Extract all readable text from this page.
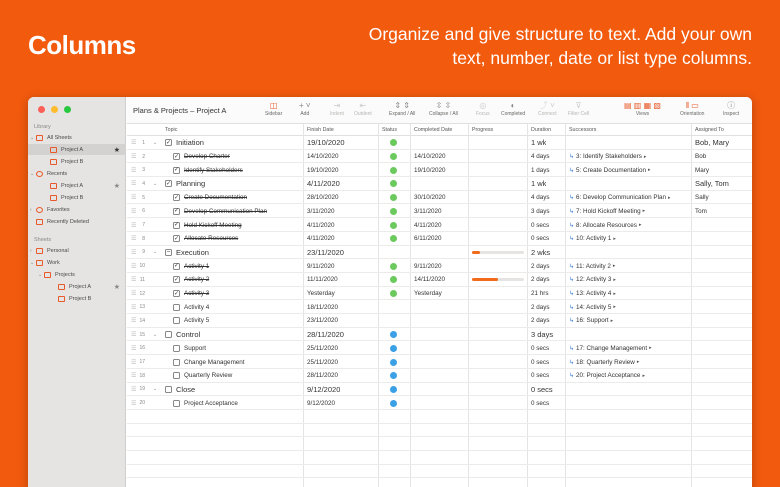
Columns	Organize and give structure to text. Add your own text, number, date or list type columns.
Library
⌄	All Sheets
Project A	★
Project B
⌄	Recents
Project A	★
Project B
›	Favorites
Recently Deleted
Sheets
›	Personal
⌄	Work
⌄	Projects
Project A	★
Project B
Plans & Projects – Project A
◫
Sidebar
+ ˅
Add
⇥
Indent
⇤
Outdent
⇕ ⇕
Expand / All
⇳ ⇳
Collapse / All
◎
Focus
◐
Completed
⤴ ˅
Connect
⊽
Filter Cell
▤ ▥ ▦ ▧
Views
⫴ ▭
Orientation
ⓘ
Inspect
Topic	Finish Date	Status	Completed Date	Progress	Duration	Successors	Assigned To
☰	1 ⌄ ✓ Initiation	19/10/2020	1 wk	Bob, Mary
☰	2	✓ Develop Charter	14/10/2020	14/10/2020	4 days	↳ 3: Identify Stakeholders ▸	Bob
☰	3	✓ Identify Stakeholders	19/10/2020	19/10/2020	1 days	↳ 5: Create Documentation ▸	Mary
☰	4 ⌄ ✓ Planning	4/11/2020	1 wk	Sally, Tom
☰	5	✓ Create Documentation	28/10/2020	30/10/2020	4 days	↳ 6: Develop Communication Plan ▸	Sally
☰	6	✓ Develop Communication Plan	3/11/2020	3/11/2020	3 days	↳ 7: Hold Kickoff Meeting ▸	Tom
☰	7	✓ Hold Kickoff Meeting	4/11/2020	4/11/2020	0 secs	↳ 8: Allocate Resources ▸
☰	8	✓ Allocate Resources	4/11/2020	6/11/2020	0 secs	↳ 10: Activity 1 ▸
☰	9 ⌄	– Execution	23/11/2020	2 wks
☰ 10	✓ Activity 1	9/11/2020	9/11/2020	2 days	↳ 11: Activity 2 ▸
☰ 11	✓ Activity 2	11/11/2020	14/11/2020	2 days	↳ 12: Activity 3 ▸
☰ 12	✓ Activity 3	Yesterday	Yesterday	21 hrs	↳ 13: Activity 4 ▸
☰ 13	Activity 4	18/11/2020	2 days	↳ 14: Activity 5 ▸
☰ 14	Activity 5	23/11/2020	2 days	↳ 16: Support ▸
☰ 15 ⌄	Control	28/11/2020	3 days
☰ 16	Support	25/11/2020	0 secs	↳ 17: Change Management ▸
☰ 17	Change Management	25/11/2020	0 secs	↳ 18: Quarterly Review ▸
☰ 18	Quarterly Review	28/11/2020	0 secs	↳ 20: Project Acceptance ▸
☰ 19 ⌄	Close	9/12/2020	0 secs
☰ 20	Project Acceptance	9/12/2020	0 secs
